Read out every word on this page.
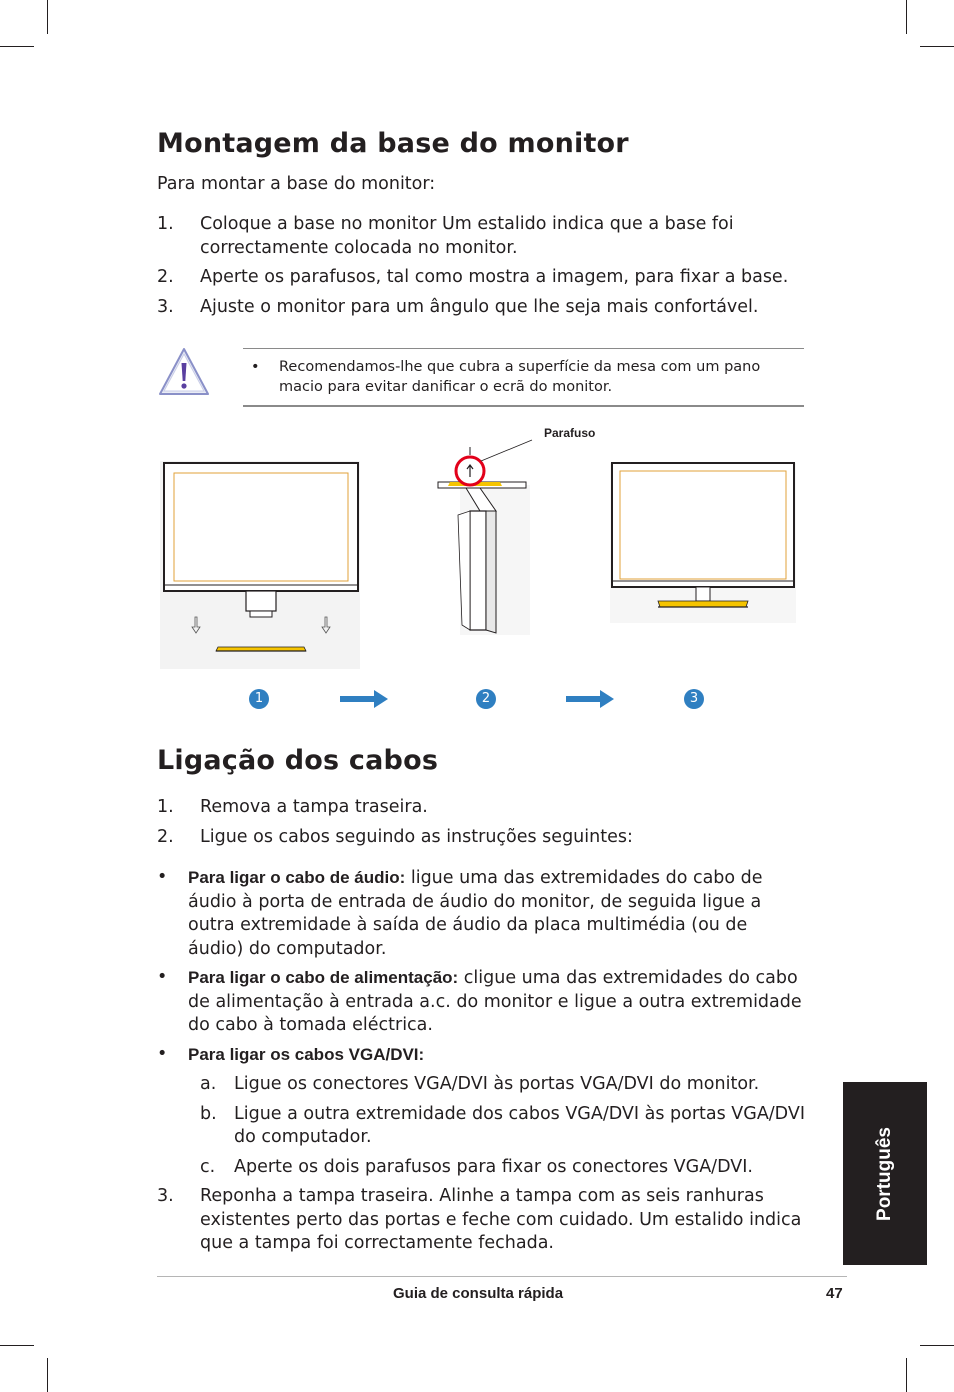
Montagem da base do monitor

Para montar a base do monitor:

1. Coloque a base no monitor Um estalido indica que a base foi correctamente colocada no monitor.
2. Aperte os parafusos, tal como mostra a imagem, para fixar a base.
3. Ajuste o monitor para um ângulo que lhe seja mais confortável.
• Recomendamos-lhe que cubra a superfície da mesa com um pano macio para evitar danificar o ecrã do monitor.
Parafuso
1	2	3
Ligação dos cabos
1. Remova a tampa traseira.
2. Ligue os cabos seguindo as instruções seguintes:
• Para ligar o cabo de áudio: ligue uma das extremidades do cabo de áudio à porta de entrada de áudio do monitor, de seguida ligue a outra extremidade à saída de áudio da placa multimédia (ou de áudio) do computador.
• Para ligar o cabo de alimentação: cligue uma das extremidades do cabo de alimentação à entrada a.c. do monitor e ligue a outra extremidade do cabo à tomada eléctrica.
• Para ligar os cabos VGA/DVI:
a. Ligue os conectores VGA/DVI às portas VGA/DVI do monitor.
b. Ligue a outra extremidade dos cabos VGA/DVI às portas VGA/DVI do computador.
c. Aperte os dois parafusos para fixar os conectores VGA/DVI.
3. Reponha a tampa traseira. Alinhe a tampa com as seis ranhuras existentes perto das portas e feche com cuidado. Um estalido indica que a tampa foi correctamente fechada.
Português
Guia de consulta rápida	47
